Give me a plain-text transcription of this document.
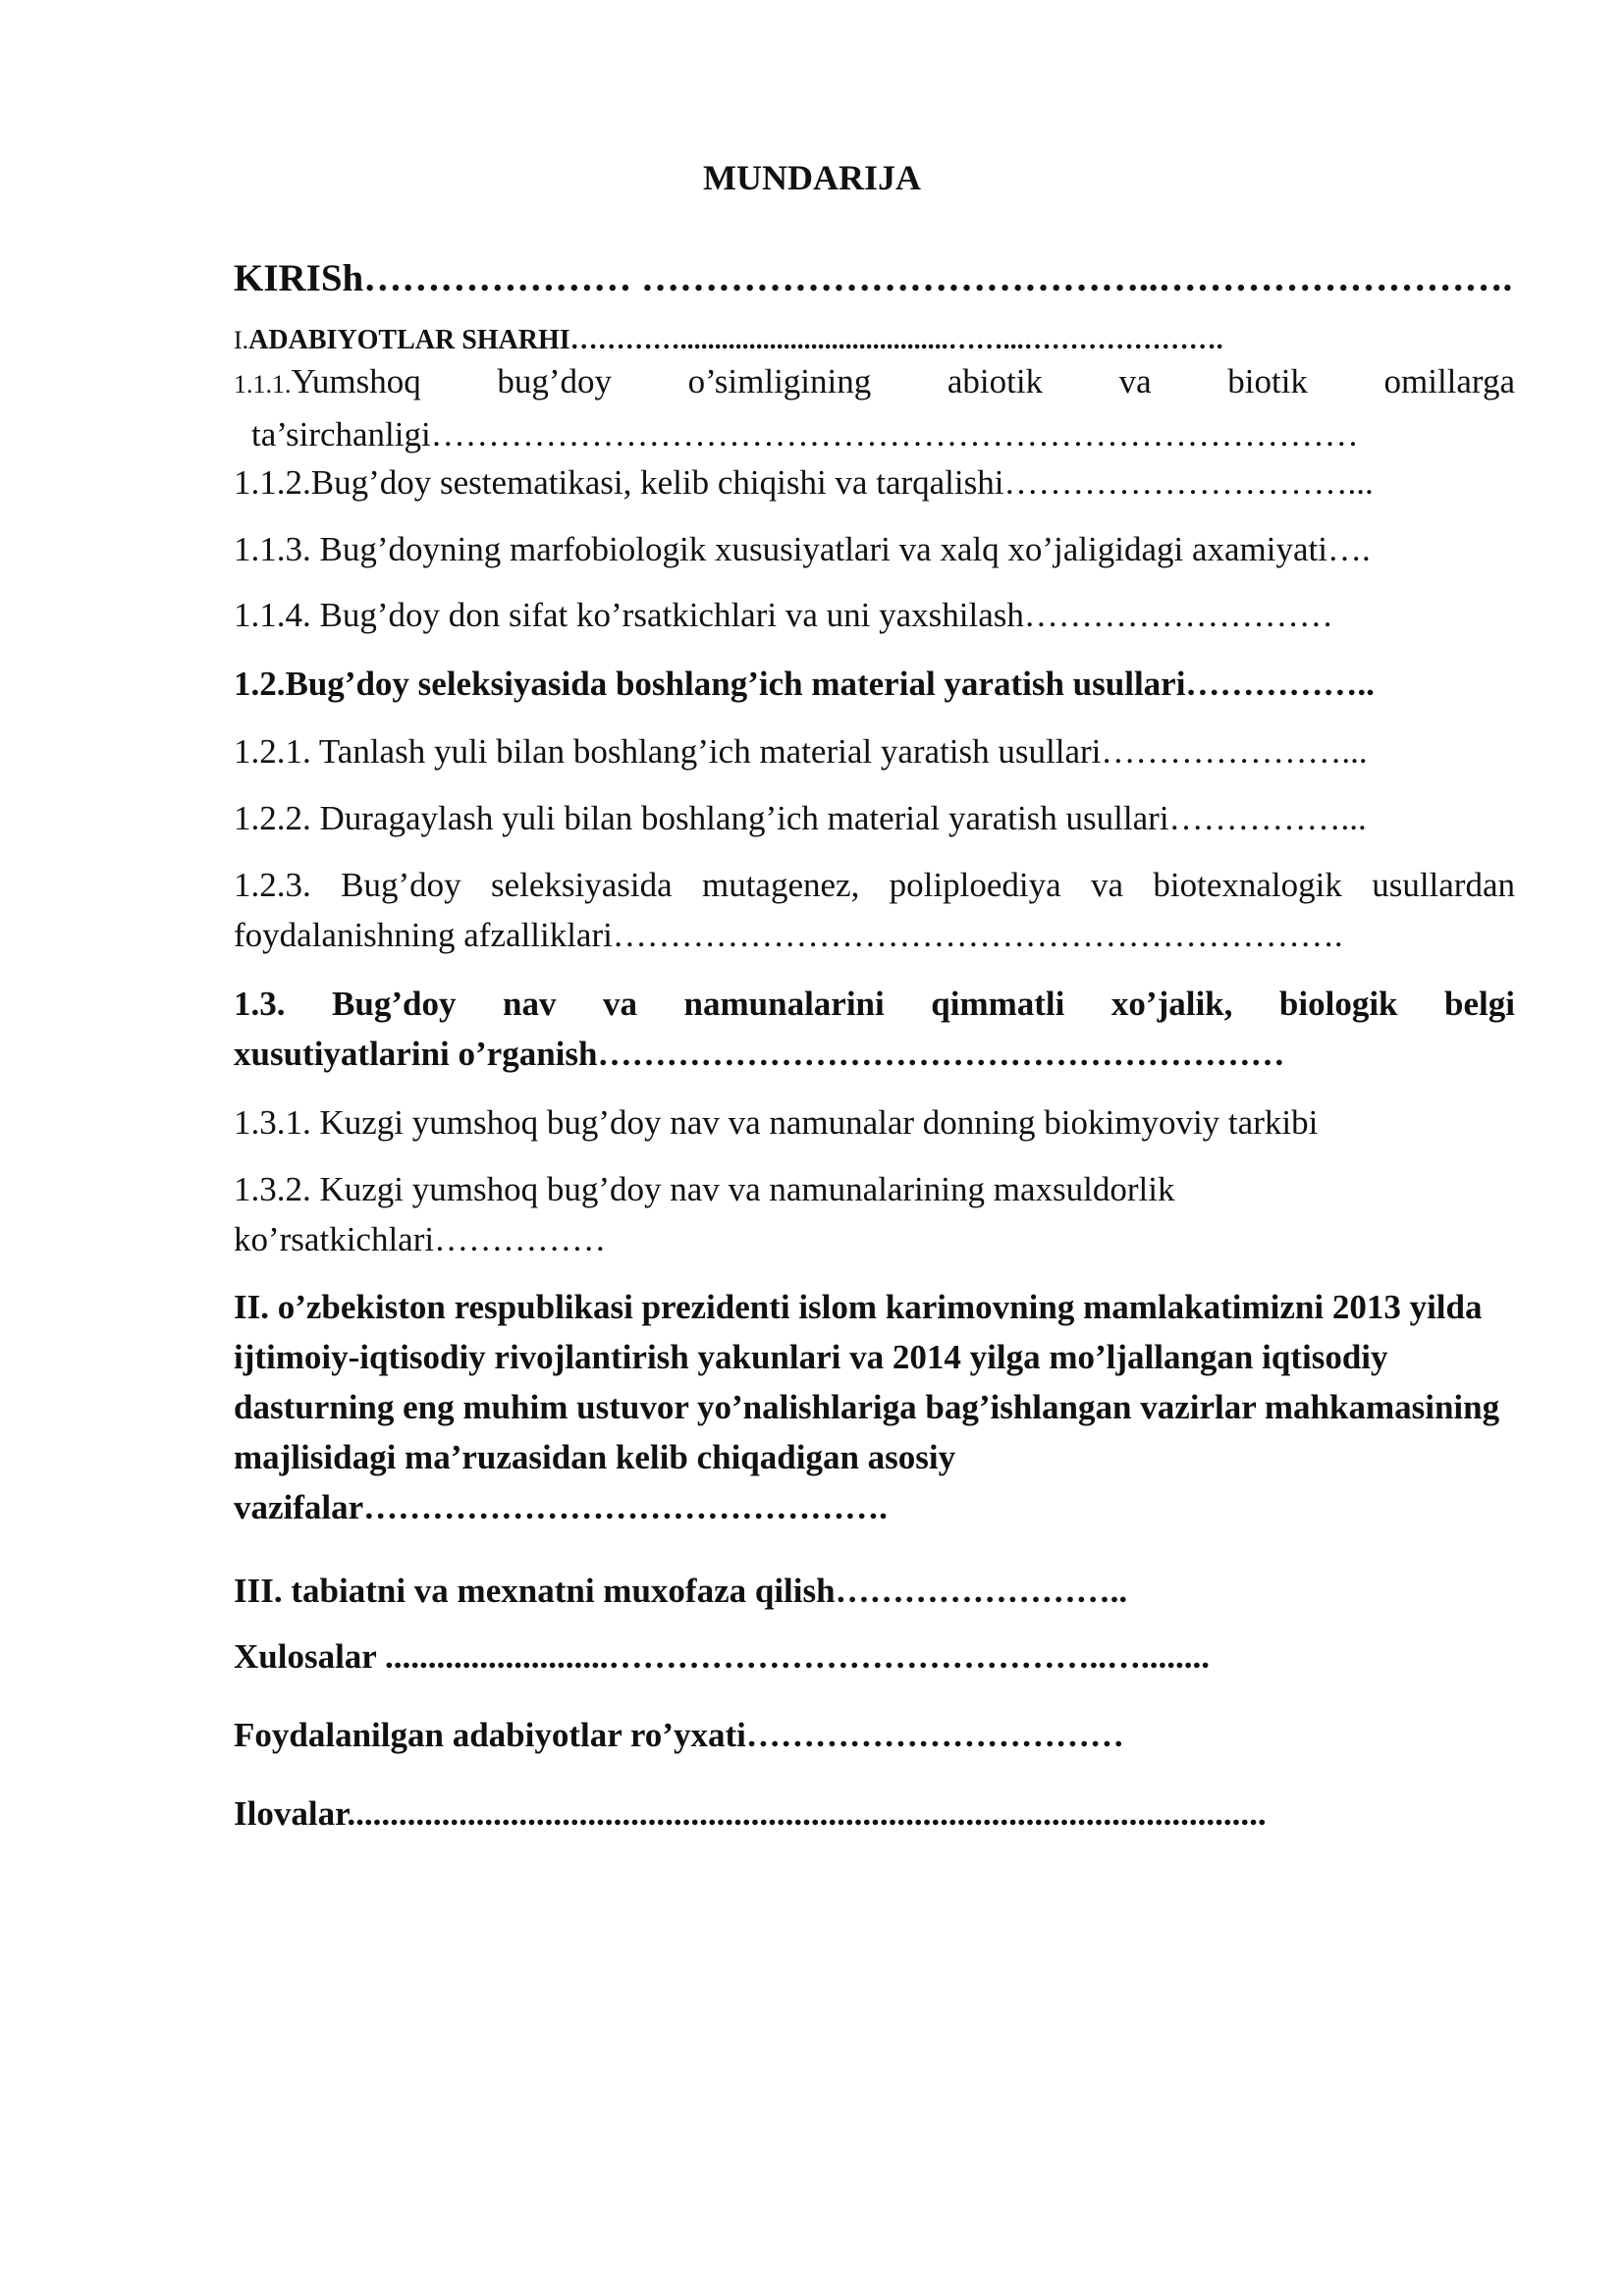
MUNDARIJA
KIRISh………………… …………………………………..……………………….
I.ADABIYOTLAR SHARHI………….......................................……...………………….
1.1.1.Yumshoq bug’doy o’simligining abiotik va biotik omillarga
ta’sirchanligi………………………………………………………………………
1.1.2.Bug’doy sestematikasi, kelib chiqishi va tarqalishi…………………………...
1.1.3. Bug’doyning marfobiologik xususiyatlari va xalq xo’jaligidagi axamiyati….
1.1.4. Bug’doy don sifat ko’rsatkichlari va uni yaxshilash………………………
1.2.Bug’doy seleksiyasida boshlang’ich material yaratish usullari……………..
1.2.1. Tanlash yuli bilan boshlang’ich material yaratish usullari…………………...
1.2.2. Duragaylash yuli bilan boshlang’ich material yaratish usullari……………...
1.2.3. Bug’doy seleksiyasida mutagenez, poliploediya va biotexnalogik usullardan
foydalanishning afzalliklari……………………………………………………….
1.3. Bug’doy nav va namunalarini qimmatli xo’jalik, biologik belgi
xusutiyatlarini o’rganish……………………………………………………
1.3.1. Kuzgi yumshoq bug’doy nav va namunalar donning biokimyoviy tarkibi
1.3.2. Kuzgi yumshoq bug’doy nav va namunalarining maxsuldorlik
ko’rsatkichlari……………
II. o’zbekiston respublikasi prezidenti islom karimovning mamlakatimizni 2013 yilda ijtimoiy-iqtisodiy rivojlantirish yakunlari va 2014 yilga mo’ljallangan iqtisodiy dasturning eng muhim ustuvor yo’nalishlariga bag’ishlangan vazirlar mahkamasining majlisidagi ma’ruzasidan kelib chiqadigan asosiy vazifalar……………………………………….
III. tabiatni va mexnatni muxofaza qilish……………………..
Xulosalar ..........................……………………………………..…........
Foydalanilgan adabiyotlar ro’yxati……………………………
Ilovalar...........................................................................................................
